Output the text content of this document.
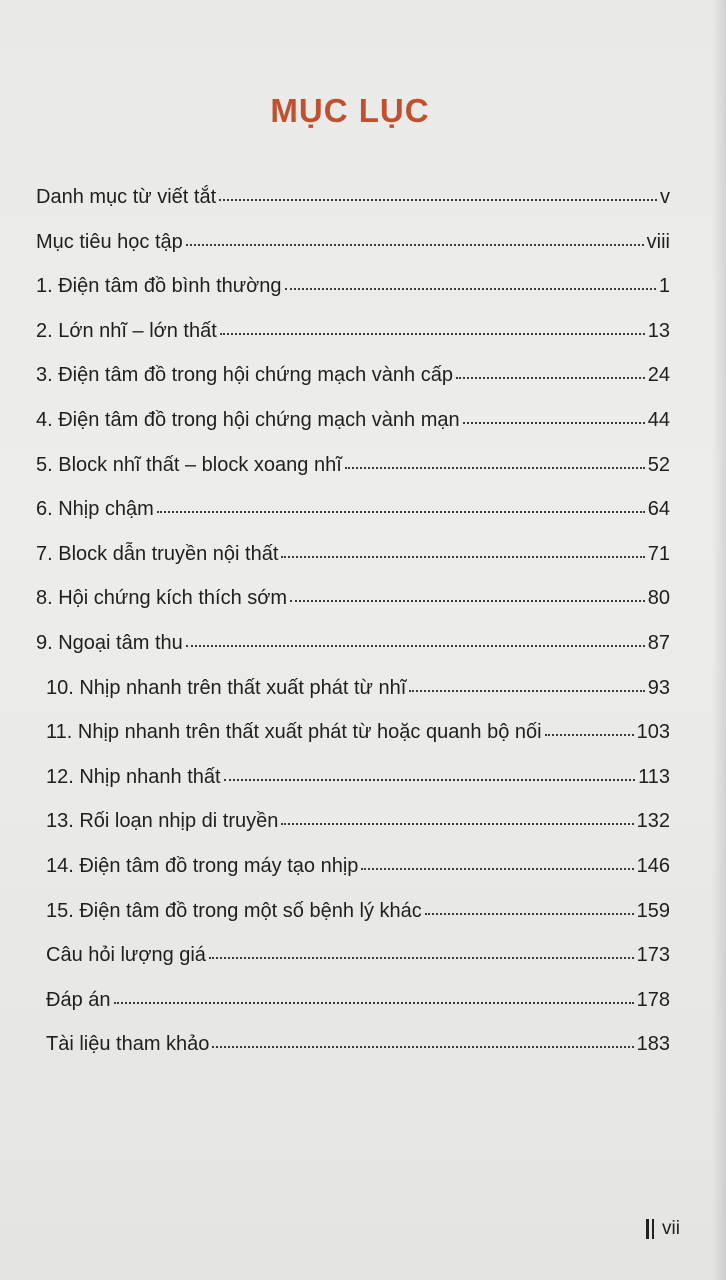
MỤC LỤC
Danh mục từ viết tắt	v
Mục tiêu học tập	viii
1. Điện tâm đồ bình thường	1
2. Lớn nhĩ – lớn thất	13
3. Điện tâm đồ trong hội chứng mạch vành cấp	24
4. Điện tâm đồ trong hội chứng mạch vành mạn	44
5. Block nhĩ thất – block xoang nhĩ	52
6. Nhịp chậm	64
7. Block dẫn truyền nội thất	71
8. Hội chứng kích thích sớm	80
9. Ngoại tâm thu	87
10. Nhịp nhanh trên thất xuất phát từ nhĩ	93
11. Nhịp nhanh trên thất xuất phát từ hoặc quanh bộ nối	103
12. Nhịp nhanh thất	113
13. Rối loạn nhịp di truyền	132
14. Điện tâm đồ trong máy tạo nhịp	146
15. Điện tâm đồ trong một số bệnh lý khác	159
Câu hỏi lượng giá	173
Đáp án	178
Tài liệu tham khảo	183
vii
